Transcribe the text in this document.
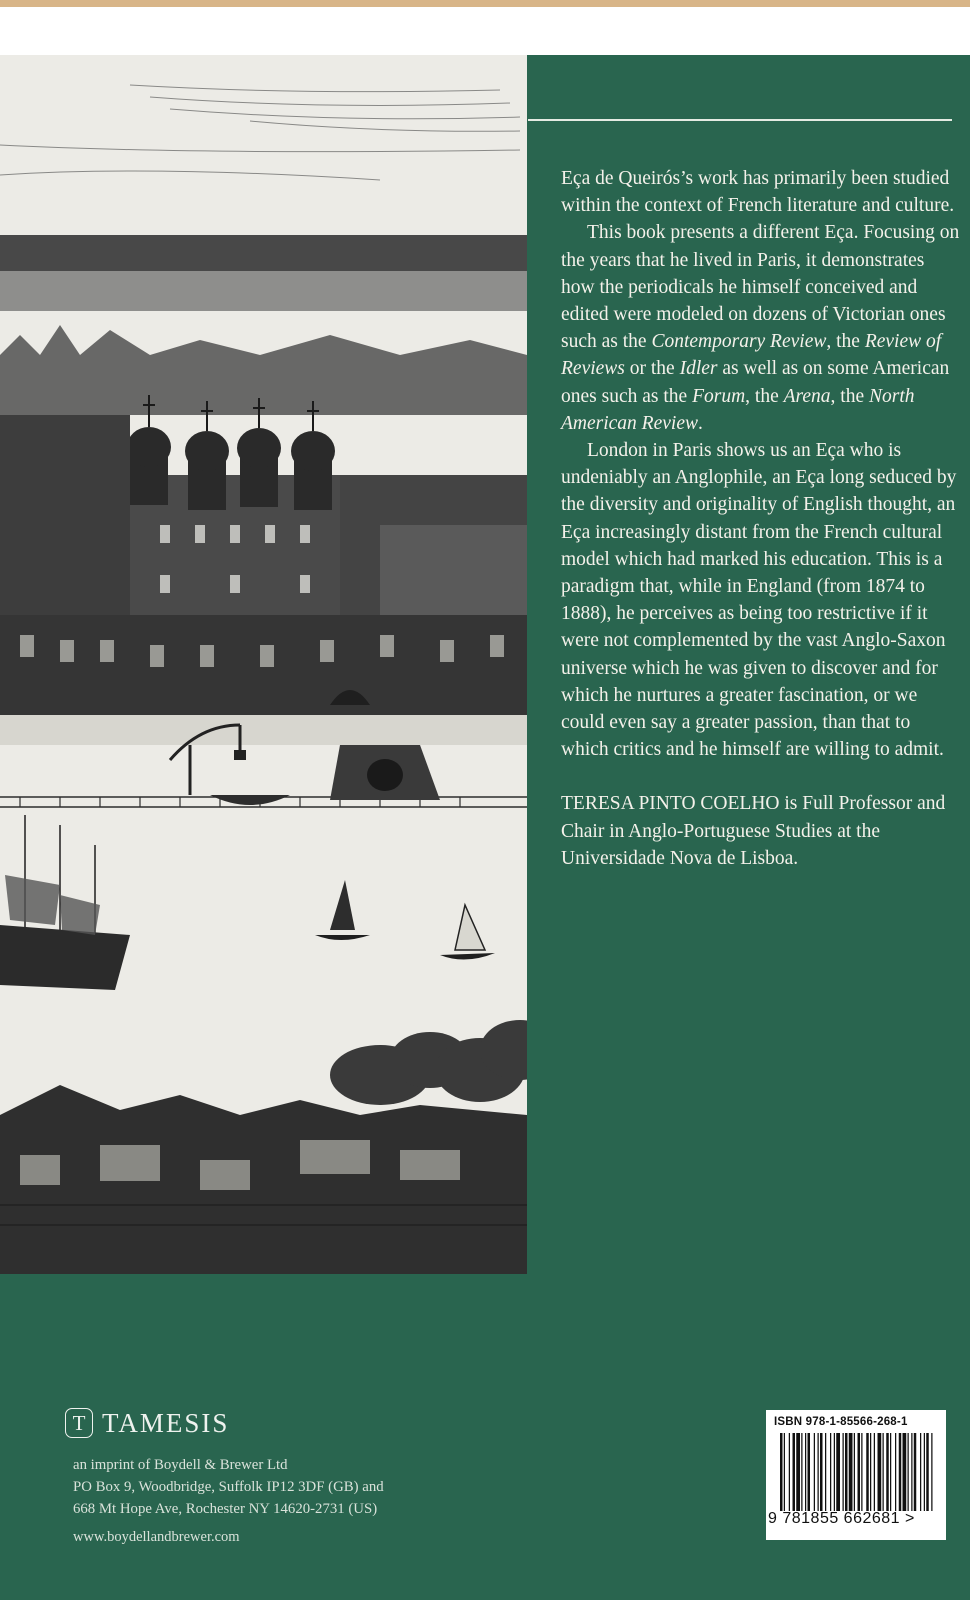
Eça de Queirós’s work has primarily been studied within the context of French literature and culture.

This book presents a different Eça. Focusing on the years that he lived in Paris, it demonstrates how the periodicals he himself conceived and edited were modeled on dozens of Victorian ones such as the Contemporary Review, the Review of Reviews or the Idler as well as on some American ones such as the Forum, the Arena, the North American Review.

London in Paris shows us an Eça who is undeniably an Anglophile, an Eça long seduced by the diversity and originality of English thought, an Eça increasingly distant from the French cultural model which had marked his education. This is a paradigm that, while in England (from 1874 to 1888), he perceives as being too restrictive if it were not complemented by the vast Anglo-Saxon universe which he was given to discover and for which he nurtures a greater fascination, or we could even say a greater passion, than that to which critics and he himself are willing to admit.

TERESA PINTO COELHO is Full Professor and Chair in Anglo-Portuguese Studies at the Universidade Nova de Lisboa.

T TAMESIS
an imprint of Boydell & Brewer Ltd
PO Box 9, Woodbridge, Suffolk IP12 3DF (GB) and
668 Mt Hope Ave, Rochester NY 14620-2731 (US)
www.boydellandbrewer.com
ISBN 978-1-85566-268-1
9 781855 662681 >
